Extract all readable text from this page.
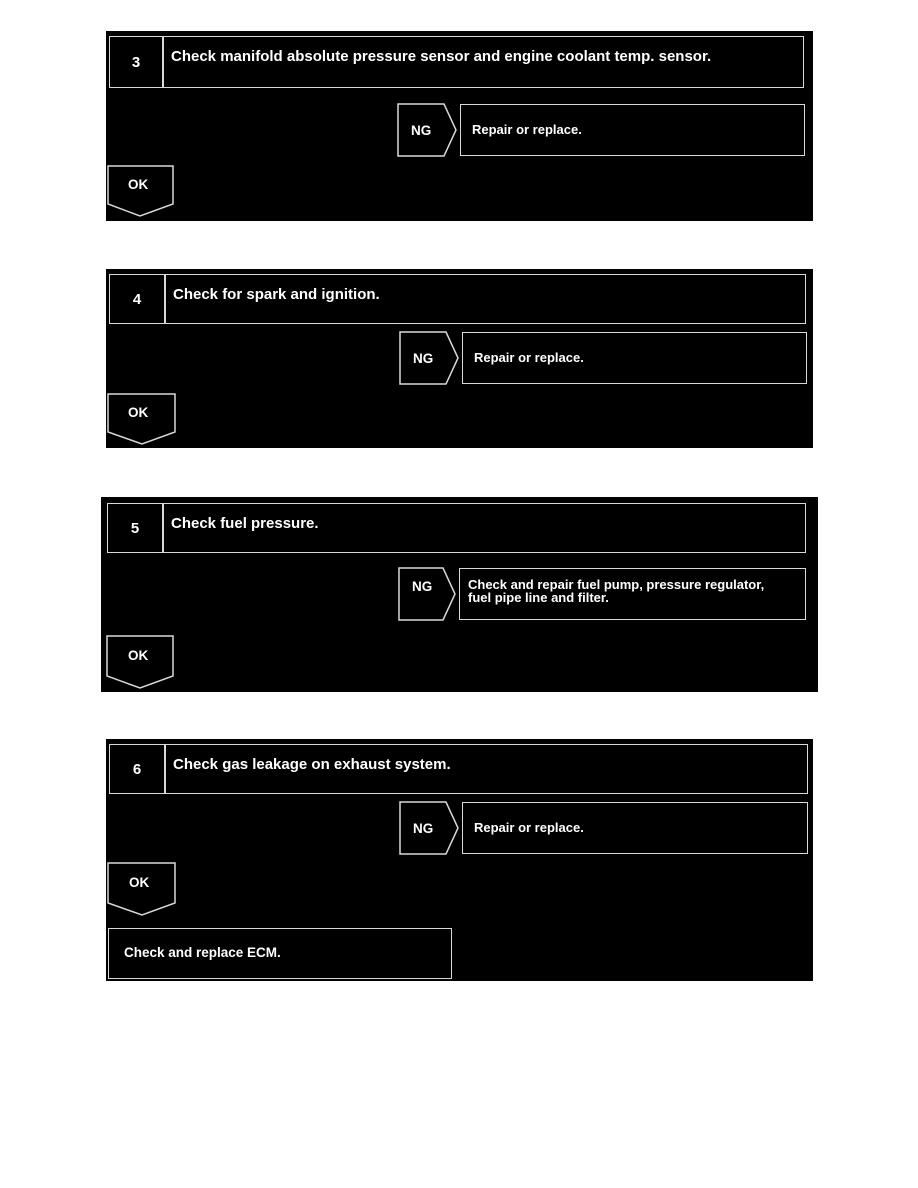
3	Check manifold absolute pressure sensor and engine coolant temp. sensor.
NG	Repair or replace.
OK
4	Check for spark and ignition.
NG	Repair or replace.
OK
5	Check fuel pressure.
NG	Check and repair fuel pump, pressure regulator,
fuel pipe line and filter.
OK
6	Check gas leakage on exhaust system.
NG	Repair or replace.
OK
Check and replace ECM.
